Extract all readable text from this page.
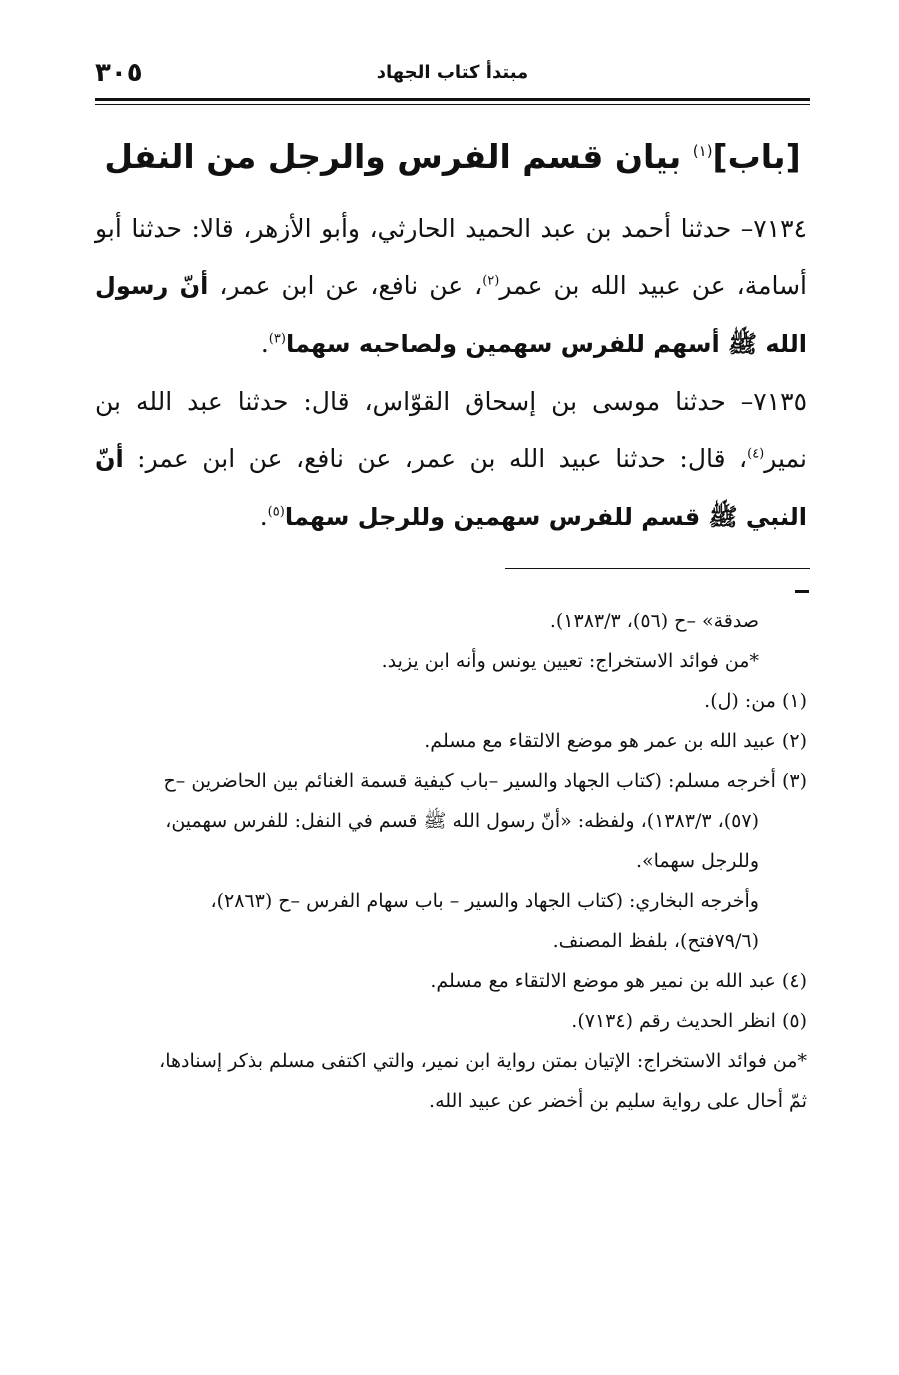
مبتدأ كتاب الجهاد
٣٠٥
[باب]$^{(١)}$ بيان قسم الفرس والرجل من النفل
٧١٣٤– حدثنا أحمد بن عبد الحميد الحارثي، وأبو الأزهر، قالا: حدثنا أبو أسامة، عن عبيد الله بن عمر$^{(٢)}$، عن نافع، عن ابن عمر، أنّ رسول الله ﷺ أسهم للفرس سهمين ولصاحبه سهما$^{(٣)}$.
٧١٣٥– حدثنا موسى بن إسحاق القوّاس، قال: حدثنا عبد الله بن نمير$^{(٤)}$، قال: حدثنا عبيد الله بن عمر، عن نافع، عن ابن عمر: أنّ النبي ﷺ قسم للفرس سهمين وللرجل سهما$^{(٥)}$.

صدقة» –ح (٥٦)، ١٣٨٣/٣).

*من فوائد الاستخراج: تعيين يونس وأنه ابن يزيد.

(١) من: (ل).

(٢) عبيد الله بن عمر هو موضع الالتقاء مع مسلم.

(٣) أخرجه مسلم: (كتاب الجهاد والسير –باب كيفية قسمة الغنائم بين الحاضرين –ح

(٥٧)، ١٣٨٣/٣)، ولفظه: «أنّ رسول الله ﷺ قسم في النفل: للفرس سهمين،

وللرجل سهما».

وأخرجه البخاري: (كتاب الجهاد والسير – باب سهام الفرس –ح (٢٨٦٣)،

(٧٩/٦فتح)، بلفظ المصنف.

(٤) عبد الله بن نمير هو موضع الالتقاء مع مسلم.

(٥) انظر الحديث رقم (٧١٣٤).

*من فوائد الاستخراج: الإتيان بمتن رواية ابن نمير، والتي اكتفى مسلم بذكر إسنادها،

ثمّ أحال على رواية سليم بن أخضر عن عبيد الله.
